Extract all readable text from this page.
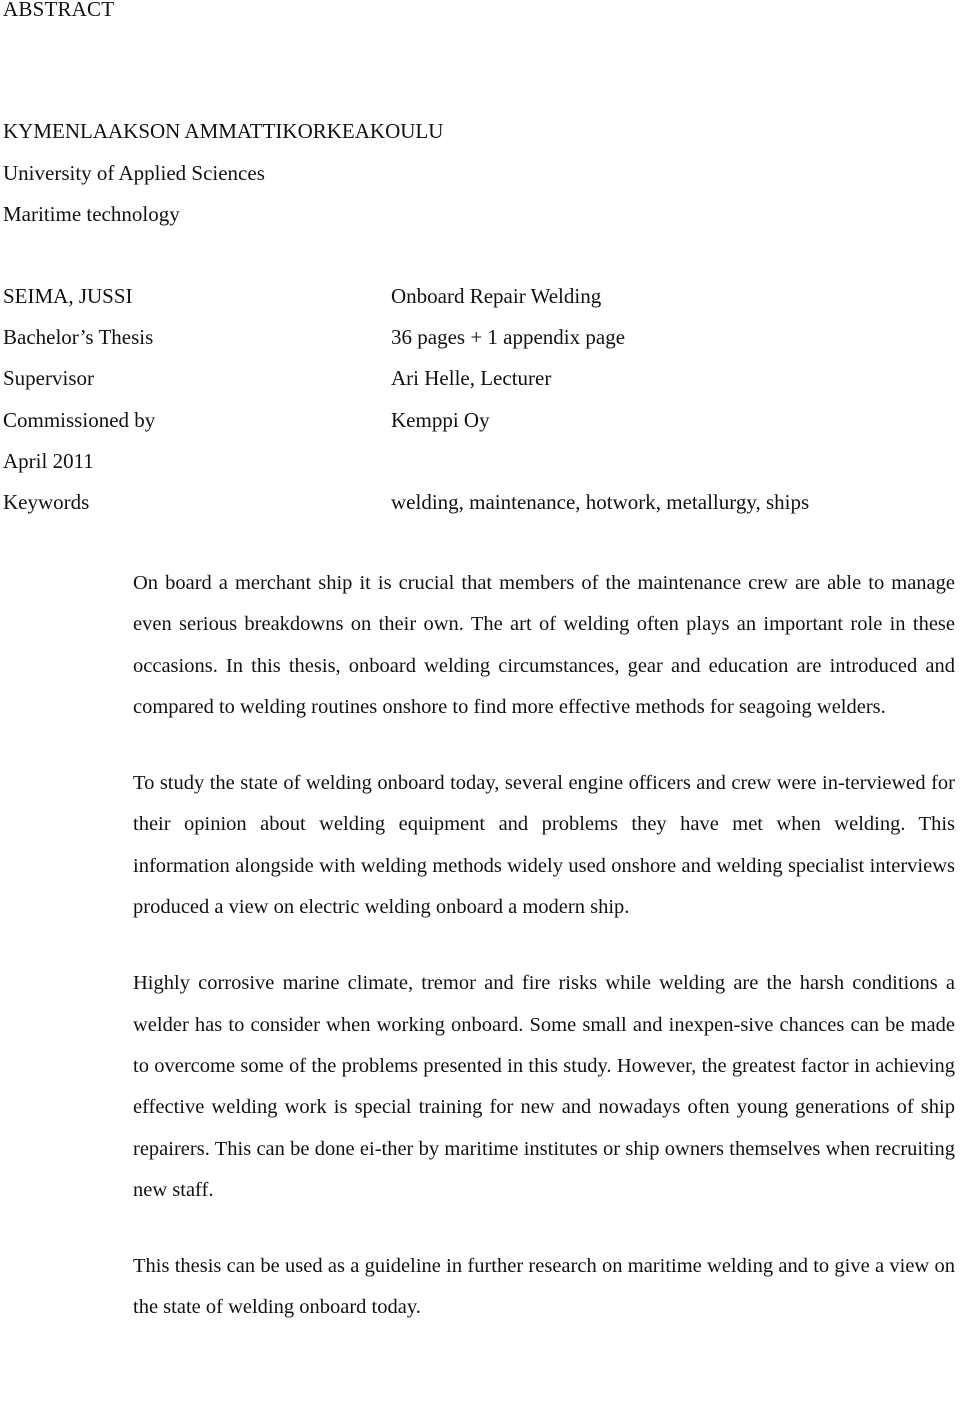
ABSTRACT
KYMENLAAKSON AMMATTIKORKEAKOULU
University of Applied Sciences
Maritime technology
SEIMA, JUSSI	Onboard Repair Welding
Bachelor’s Thesis	36 pages + 1 appendix page
Supervisor	Ari Helle, Lecturer
Commissioned by	Kemppi Oy
April 2011
Keywords	welding, maintenance, hotwork, metallurgy, ships

On board a merchant ship it is crucial that members of the maintenance crew are able to manage even serious breakdowns on their own. The art of welding often plays an important role in these occasions. In this thesis, onboard welding circumstances, gear and education are introduced and compared to welding routines onshore to find more effective methods for seagoing welders.

To study the state of welding onboard today, several engine officers and crew were in-terviewed for their opinion about welding equipment and problems they have met when welding. This information alongside with welding methods widely used onshore and welding specialist interviews produced a view on electric welding onboard a modern ship.

Highly corrosive marine climate, tremor and fire risks while welding are the harsh conditions a welder has to consider when working onboard. Some small and inexpen-sive chances can be made to overcome some of the problems presented in this study. However, the greatest factor in achieving effective welding work is special training for new and nowadays often young generations of ship repairers. This can be done ei-ther by maritime institutes or ship owners themselves when recruiting new staff.

This thesis can be used as a guideline in further research on maritime welding and to give a view on the state of welding onboard today.
